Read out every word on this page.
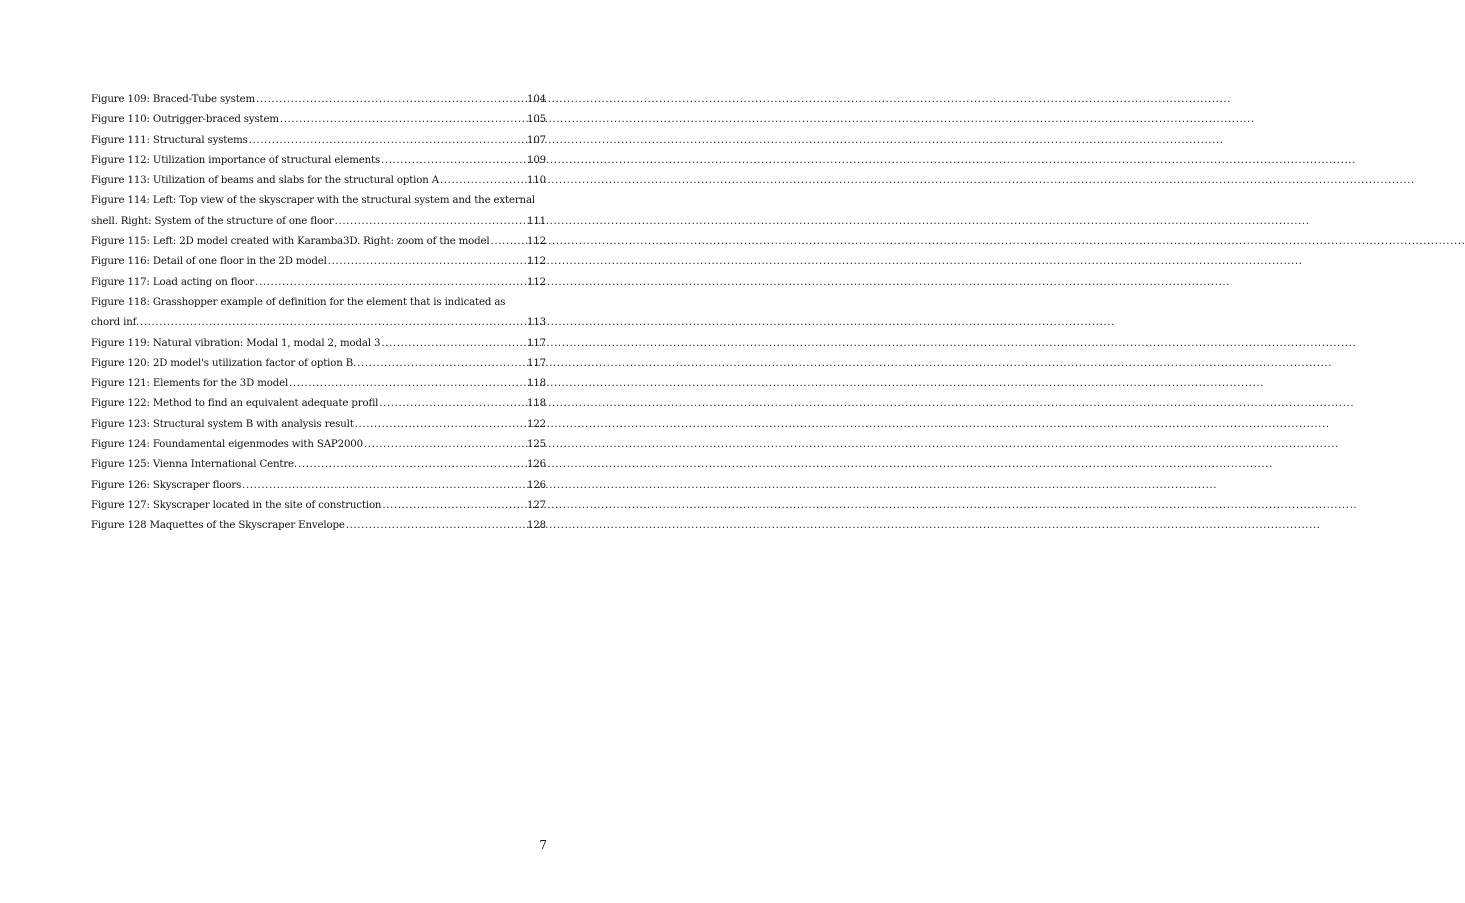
Figure 109: Braced-Tube system .....	104
Figure 110: Outrigger-braced system .....	105
Figure 111: Structural systems .....	107
Figure 112: Utilization importance of structural elements .....	109
Figure 113: Utilization of beams and slabs for the structural option A .....	110
Figure 114: Left: Top view of the skyscraper with the structural system and the external
shell. Right: System of the structure of one floor .....	111
Figure 115: Left: 2D model created with Karamba3D. Right: zoom of the model .....	112
Figure 116: Detail of one floor in the 2D model .....	112
Figure 117: Load acting on floor .....	112
Figure 118: Grasshopper example of definition for the element that is indicated as
chord inf. .....	113
Figure 119: Natural vibration: Modal 1, modal 2, modal 3 .....	117
Figure 120: 2D model's utilization factor of option B. .....	117
Figure 121: Elements for the 3D model .....	118
Figure 122: Method to find an equivalent adequate profil .....	118
Figure 123: Structural system B with analysis result .....	122
Figure 124: Foundamental eigenmodes with SAP2000 .....	125
Figure 125: Vienna International Centre. .....	126
Figure 126: Skyscraper floors .....	126
Figure 127: Skyscraper located in the site of construction .....	127
Figure 128 Maquettes of the Skyscraper Envelope .....	128
7
